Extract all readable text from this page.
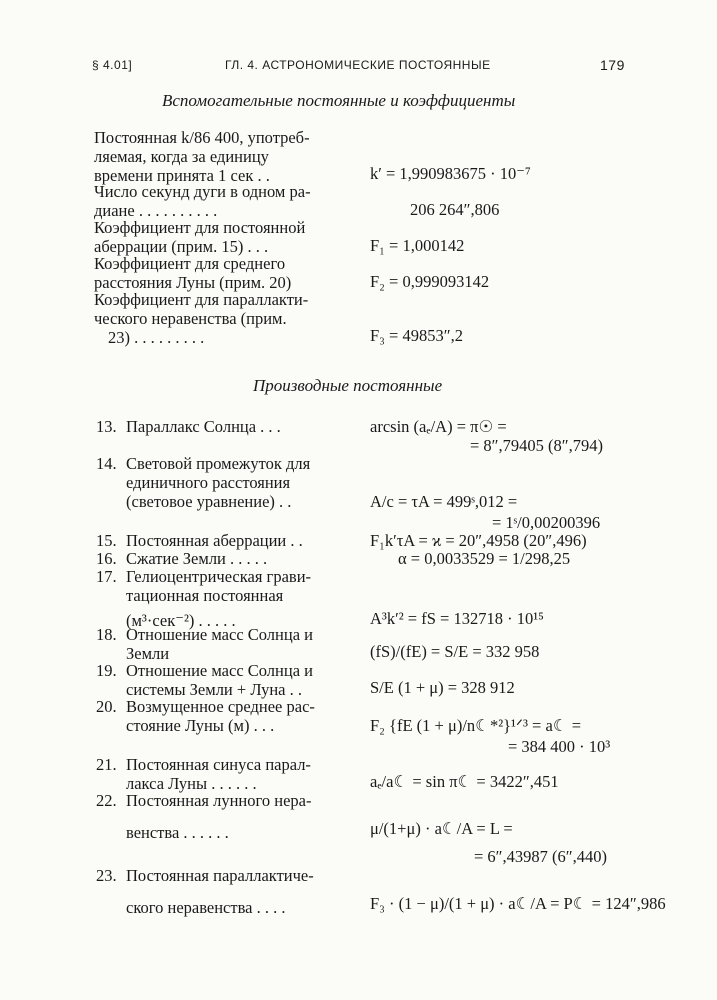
§ 4.01]	ГЛ. 4. АСТРОНОМИЧЕСКИЕ ПОСТОЯННЫЕ	179
Вспомогательные постоянные и коэффициенты
Постоянная k/86 400, употреб-
ляемая, когда за единицу
времени принята 1 сек . .	k′ = 1,990983675 · 10⁻⁷
Число секунд дуги в одном ра-
диане . . . . . . . . . .	206 264″,806
Коэффициент для постоянной
аберрации (прим. 15) . . .	F₁ = 1,000142
Коэффициент для среднего
расстояния Луны (прим. 20)	F₂ = 0,999093142
Коэффициент для параллакти-
ческого неравенства (прим.
23) . . . . . . . . .	F₃ = 49853″,2
Производные постоянные
13. Параллакс Солнца . . .	arcsin (aₑ/A) = π☉ =
= 8″,79405 (8″,794)
14. Световой промежуток для
единичного расстояния
(световое уравнение) . .	A/c = τA = 499ˢ,012 =
= 1ˢ/0,00200396
15. Постоянная аберрации . .	F₁k′τA = ϰ = 20″,4958 (20″,496)
16. Сжатие Земли . . . . .	α = 0,0033529 = 1/298,25
17. Гелиоцентрическая грави-
тационная постоянная
(м³·сек⁻²) . . . . .	A³k′² = fS = 132718 · 10¹⁵
18. Отношение масс Солнца и
Земли	(fS)/(fE) = S/E = 332 958
19. Отношение масс Солнца и
системы Земли + Луна . .	S/E (1 + μ) = 328 912
20. Возмущенное среднее рас-
стояние Луны (м) . . .	F₂ {fE (1 + μ)/n☾*²}¹ᐟ³ = a☾ =
= 384 400 · 10³
21. Постоянная синуса парал-
лакса Луны . . . . . .	aₑ/a☾ = sin π☾ = 3422″,451
22. Постоянная лунного нера-
венства . . . . . .	μ/(1+μ) · a☾/A = L =
= 6″,43987 (6″,440)
23. Постоянная параллактиче-
ского неравенства . . . .	F₃ · (1 − μ)/(1 + μ) · a☾/A = P☾ = 124″,986
